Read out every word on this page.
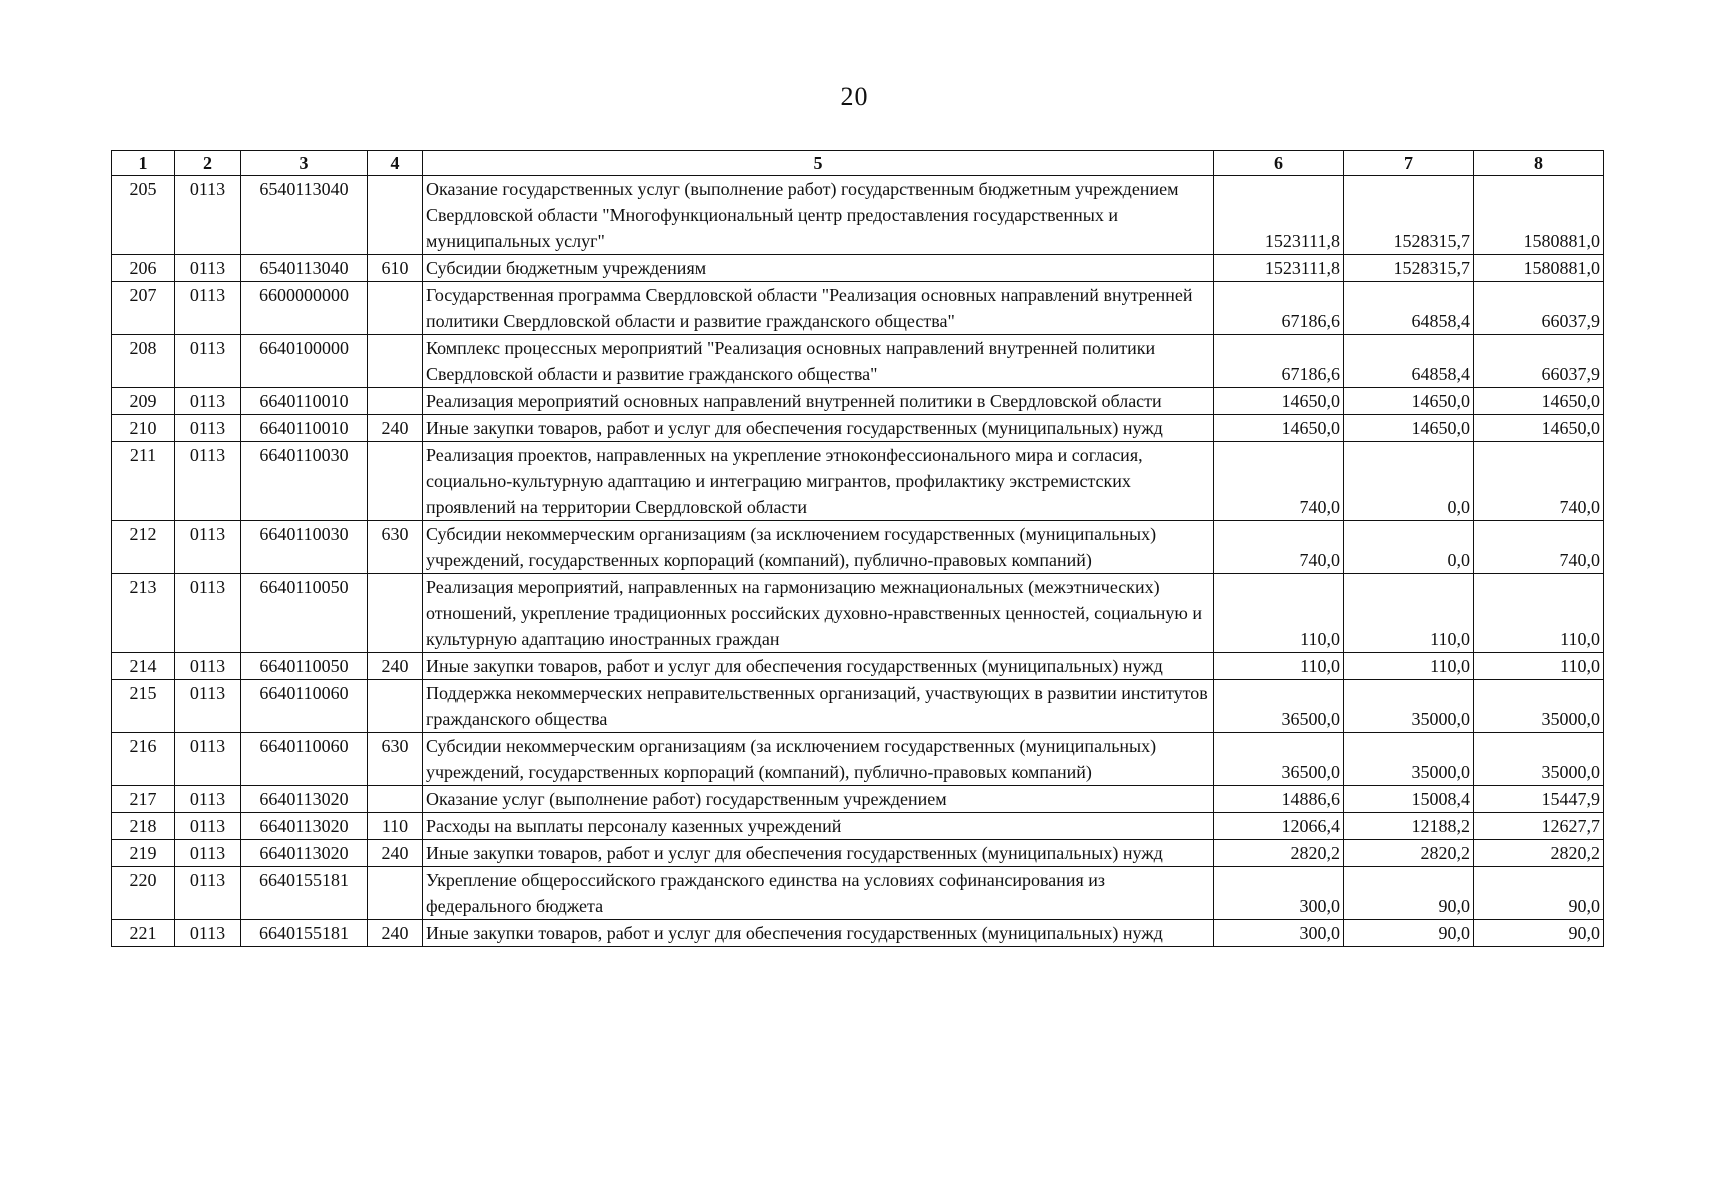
20
1	2	3	4	5	6	7	8
205	0113	6540113040		Оказание государственных услуг (выполнение работ) государственным бюджетным учреждением Свердловской области "Многофункциональный центр предоставления государственных и муниципальных услуг"	1523111,8	1528315,7	1580881,0
206	0113	6540113040	610	Субсидии бюджетным учреждениям	1523111,8	1528315,7	1580881,0
207	0113	6600000000		Государственная программа Свердловской области "Реализация основных направлений внутренней политики Свердловской области и развитие гражданского общества"	67186,6	64858,4	66037,9
208	0113	6640100000		Комплекс процессных мероприятий "Реализация основных направлений внутренней политики Свердловской области и развитие гражданского общества"	67186,6	64858,4	66037,9
209	0113	6640110010		Реализация мероприятий основных направлений внутренней политики в Свердловской области	14650,0	14650,0	14650,0
210	0113	6640110010	240	Иные закупки товаров, работ и услуг для обеспечения государственных (муниципальных) нужд	14650,0	14650,0	14650,0
211	0113	6640110030		Реализация проектов, направленных на укрепление этноконфессионального мира и согласия, социально-культурную адаптацию и интеграцию мигрантов, профилактику экстремистских проявлений на территории Свердловской области	740,0	0,0	740,0
212	0113	6640110030	630	Субсидии некоммерческим организациям (за исключением государственных (муниципальных) учреждений, государственных корпораций (компаний), публично-правовых компаний)	740,0	0,0	740,0
213	0113	6640110050		Реализация мероприятий, направленных на гармонизацию межнациональных (межэтнических) отношений, укрепление традиционных российских духовно-нравственных ценностей, социальную и культурную адаптацию иностранных граждан	110,0	110,0	110,0
214	0113	6640110050	240	Иные закупки товаров, работ и услуг для обеспечения государственных (муниципальных) нужд	110,0	110,0	110,0
215	0113	6640110060		Поддержка некоммерческих неправительственных организаций, участвующих в развитии институтов гражданского общества	36500,0	35000,0	35000,0
216	0113	6640110060	630	Субсидии некоммерческим организациям (за исключением государственных (муниципальных) учреждений, государственных корпораций (компаний), публично-правовых компаний)	36500,0	35000,0	35000,0
217	0113	6640113020		Оказание услуг (выполнение работ) государственным учреждением	14886,6	15008,4	15447,9
218	0113	6640113020	110	Расходы на выплаты персоналу казенных учреждений	12066,4	12188,2	12627,7
219	0113	6640113020	240	Иные закупки товаров, работ и услуг для обеспечения государственных (муниципальных) нужд	2820,2	2820,2	2820,2
220	0113	6640155181		Укрепление общероссийского гражданского единства на условиях софинансирования из федерального бюджета	300,0	90,0	90,0
221	0113	6640155181	240	Иные закупки товаров, работ и услуг для обеспечения государственных (муниципальных) нужд	300,0	90,0	90,0
